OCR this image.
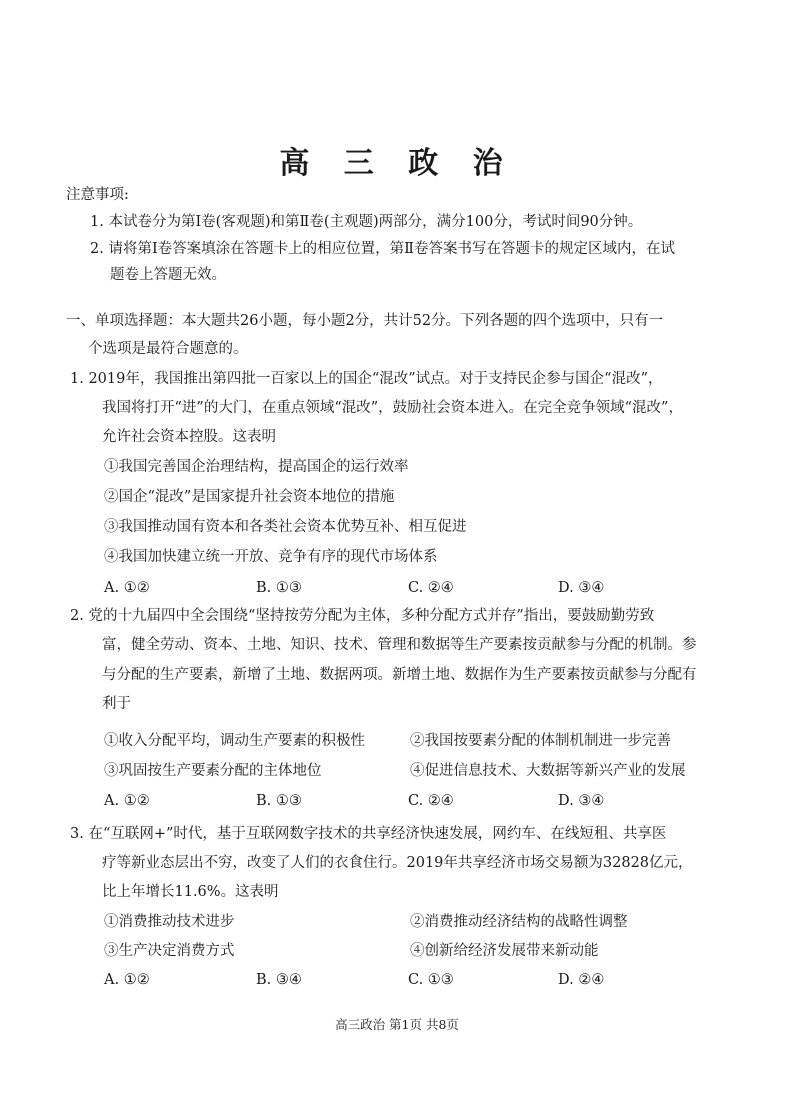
高 三 政 治
注意事项:
1. 本试卷分为第Ⅰ卷(客观题)和第Ⅱ卷(主观题)两部分，满分100分，考试时间90分钟。
2. 请将第Ⅰ卷答案填涂在答题卡上的相应位置，第Ⅱ卷答案书写在答题卡的规定区域内，在试
题卷上答题无效。
一、单项选择题：本大题共26小题，每小题2分，共计52分。下列各题的四个选项中，只有一
个选项是最符合题意的。
1. 2019年，我国推出第四批一百家以上的国企“混改”试点。对于支持民企参与国企“混改”，
我国将打开“进”的大门，在重点领域“混改”，鼓励社会资本进入。在完全竞争领域“混改”，
允许社会资本控股。这表明
①我国完善国企治理结构，提高国企的运行效率
②国企“混改”是国家提升社会资本地位的措施
③我国推动国有资本和各类社会资本优势互补、相互促进
④我国加快建立统一开放、竞争有序的现代市场体系
A. ①②	B. ①③	C. ②④	D. ③④
2. 党的十九届四中全会围绕“坚持按劳分配为主体，多种分配方式并存”指出，要鼓励勤劳致
富，健全劳动、资本、土地、知识、技术、管理和数据等生产要素按贡献参与分配的机制。参
与分配的生产要素，新增了土地、数据两项。新增土地、数据作为生产要素按贡献参与分配有
利于
①收入分配平均，调动生产要素的积极性	②我国按要素分配的体制机制进一步完善
③巩固按生产要素分配的主体地位	④促进信息技术、大数据等新兴产业的发展
A. ①②	B. ①③	C. ②④	D. ③④
3. 在“互联网+”时代，基于互联网数字技术的共享经济快速发展，网约车、在线短租、共享医
疗等新业态层出不穷，改变了人们的衣食住行。2019年共享经济市场交易额为32828亿元，
比上年增长11.6%。这表明
①消费推动技术进步	②消费推动经济结构的战略性调整
③生产决定消费方式	④创新给经济发展带来新动能
A. ①②	B. ③④	C. ①③	D. ②④
高三政治 第1页 共8页
